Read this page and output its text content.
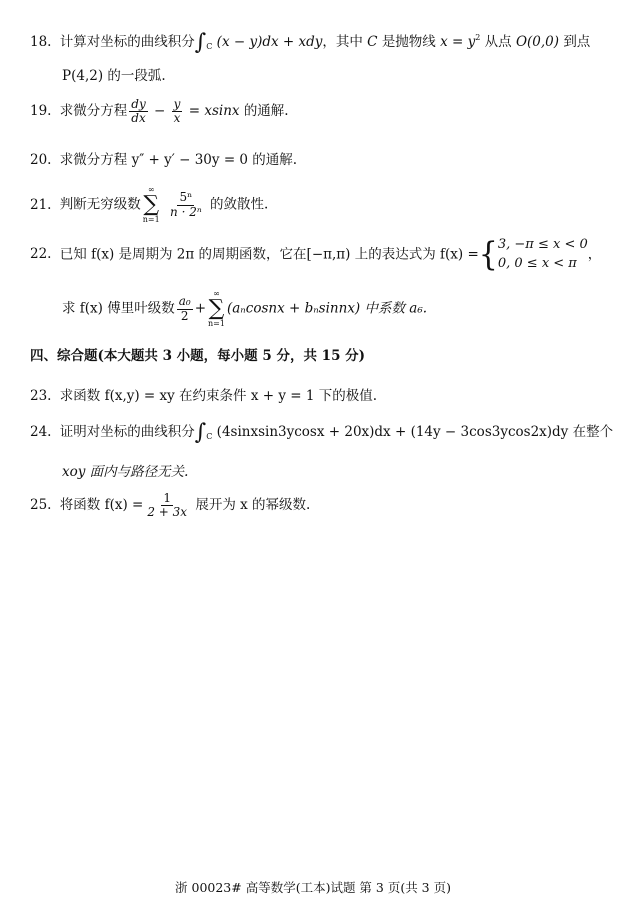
18. 计算对坐标的曲线积分$\int_C$ (x − y)dx + xdy，其中 C 是抛物线 $x = y^2$ 从点 O(0,0) 到点
P(4,2) 的一段弧.
19. 求微分方程 $\frac{dy}{dx} - \frac{y}{x} = xsinx$ 的通解.
20. 求微分方程 y″ + y′ − 30y = 0 的通解.
21. 判断无穷级数
∞
∑
n=1

$\frac{\text{5ⁿ}}{\text{n · 2ⁿ}}$ 的敛散性.
22. 已知 f(x) 是周期为 2π 的周期函数，它在[−π,π) 上的表达式为 f(x) ={ 3, −π ≤ x < 0
0, 0 ≤ x < π
，
求 f(x) 傅里叶级数 $\frac{\text{a₀}}{2}$ +
∞
∑
n=1
(aₙcosnx + bₙsinnx) 中系数 a₆.
四、综合题(本大题共 3 小题，每小题 5 分，共 15 分)
23. 求函数 f(x,y) = xy 在约束条件 x + y = 1 下的极值.
24. 证明对坐标的曲线积分$\int_C$ (4sinxsin3ycosx + 20x)dx + (14y − 3cos3ycos2x)dy 在整个
xoy 面内与路径无关.
25. 将函数 $f(x) = \frac{1}{2 + 3x}$ 展开为 x 的幂级数.
浙 00023# 高等数学(工本)试题 第 3 页(共 3 页)
